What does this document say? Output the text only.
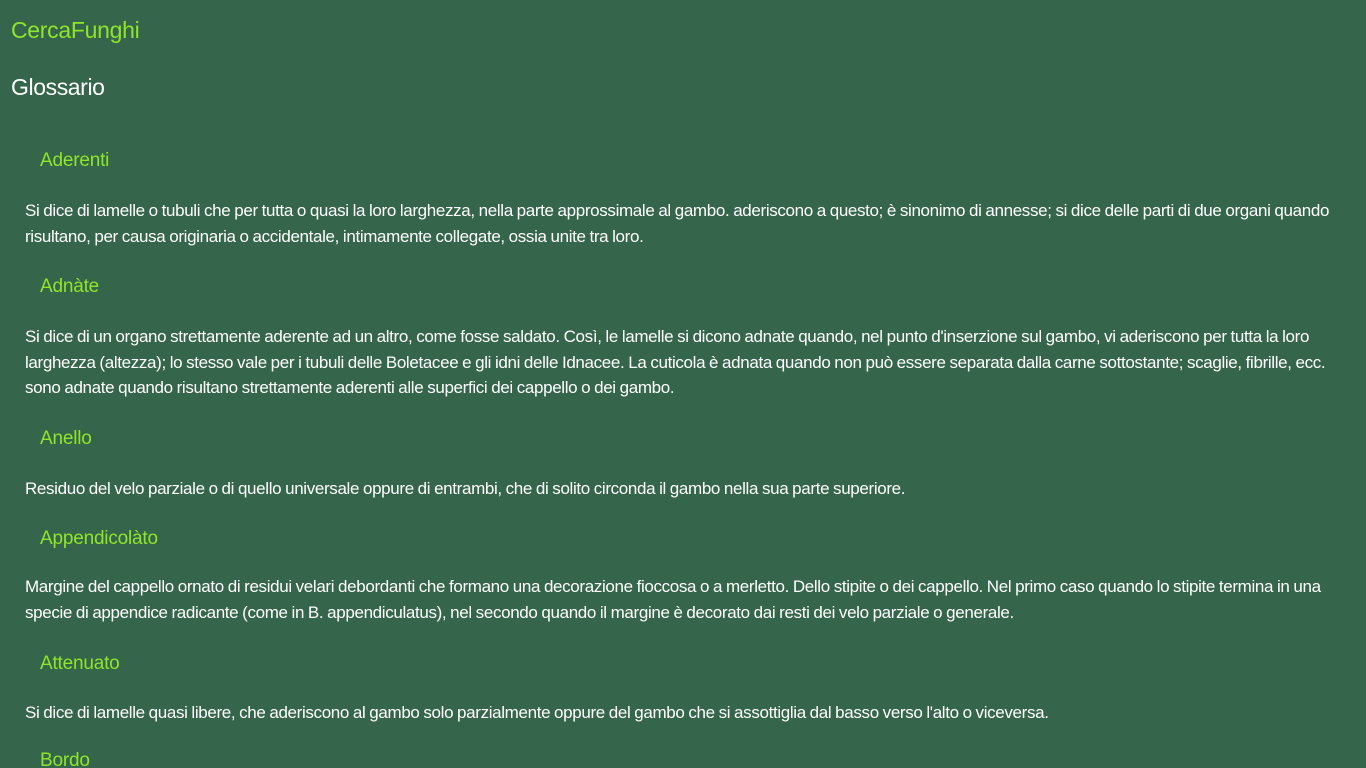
CercaFunghi
Glossario
Aderenti
Si dice di lamelle o tubuli che per tutta o quasi la loro larghezza, nella parte approssimale al gambo. aderiscono a questo; è sinonimo di annesse; si dice delle parti di due organi quando risultano, per causa originaria o accidentale, intimamente collegate, ossia unite tra loro.
Adnàte
Si dice di un organo strettamente aderente ad un altro, come fosse saldato. Così, le lamelle si dicono adnate quando, nel punto d'inserzione sul gambo, vi aderiscono per tutta la loro larghezza (altezza); lo stesso vale per i tubuli delle Boletacee e gli idni delle Idnacee. La cuticola è adnata quando non può essere separata dalla carne sottostante; scaglie, fibrille, ecc. sono adnate quando risultano strettamente aderenti alle superfici dei cappello o dei gambo.
Anello
Residuo del velo parziale o di quello universale oppure di entrambi, che di solito circonda il gambo nella sua parte superiore.
Appendicolàto
Margine del cappello ornato di residui velari debordanti che formano una decorazione fioccosa o a merletto. Dello stipite o dei cappello. Nel primo caso quando lo stipite termina in una specie di appendice radicante (come in B. appendiculatus), nel secondo quando il margine è decorato dai resti dei velo parziale o generale.
Attenuato
Si dice di lamelle quasi libere, che aderiscono al gambo solo parzialmente oppure del gambo che si assottiglia dal basso verso l'alto o viceversa.
Bordo
